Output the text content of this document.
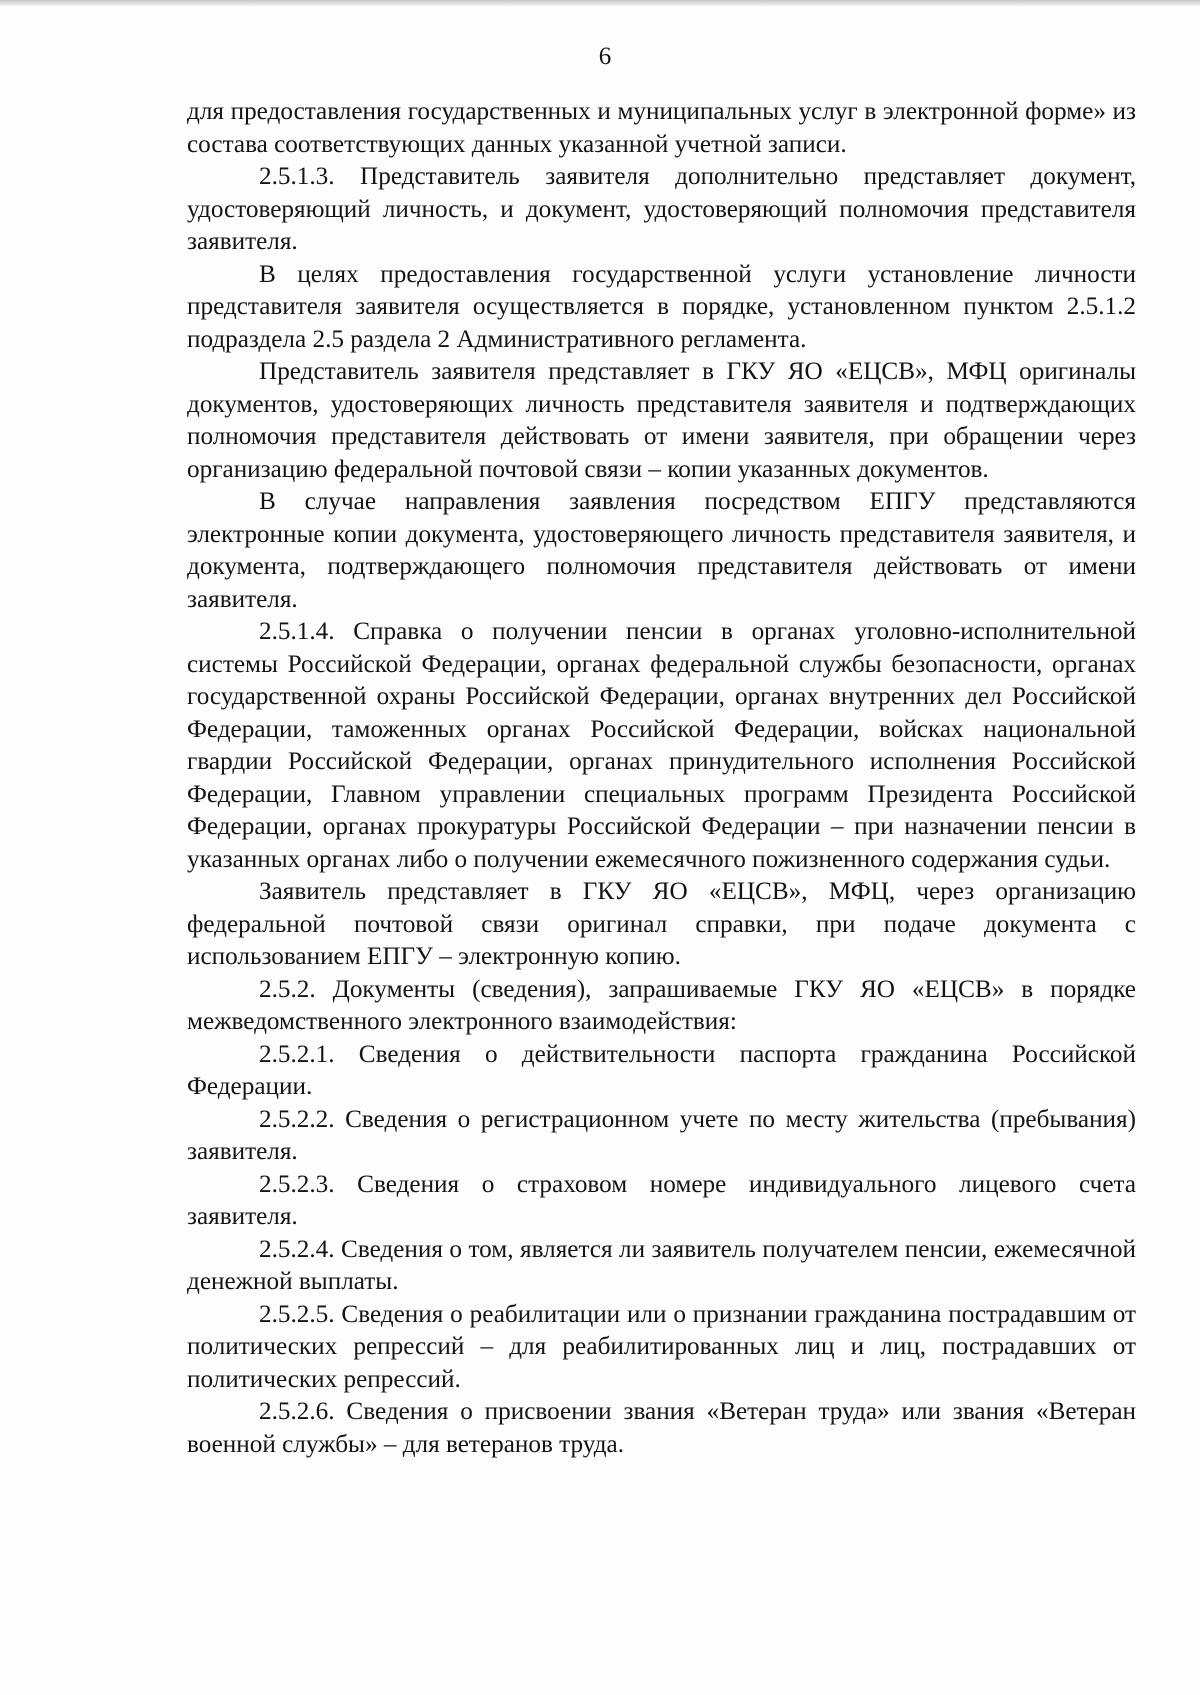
6

для предоставления государственных и муниципальных услуг в электронной форме» из состава соответствующих данных указанной учетной записи.

2.5.1.3. Представитель заявителя дополнительно представляет документ, удостоверяющий личность, и документ, удостоверяющий полномочия представителя заявителя.

В целях предоставления государственной услуги установление личности представителя заявителя осуществляется в порядке, установленном пунктом 2.5.1.2 подраздела 2.5 раздела 2 Административного регламента.

Представитель заявителя представляет в ГКУ ЯО «ЕЦСВ», МФЦ оригиналы документов, удостоверяющих личность представителя заявителя и подтверждающих полномочия представителя действовать от имени заявителя, при обращении через организацию федеральной почтовой связи – копии указанных документов.

В случае направления заявления посредством ЕПГУ представляются электронные копии документа, удостоверяющего личность представителя заявителя, и документа, подтверждающего полномочия представителя действовать от имени заявителя.

2.5.1.4. Справка о получении пенсии в органах уголовно-исполнительной системы Российской Федерации, органах федеральной службы безопасности, органах государственной охраны Российской Федерации, органах внутренних дел Российской Федерации, таможенных органах Российской Федерации, войсках национальной гвардии Российской Федерации, органах принудительного исполнения Российской Федерации, Главном управлении специальных программ Президента Российской Федерации, органах прокуратуры Российской Федерации – при назначении пенсии в указанных органах либо о получении ежемесячного пожизненного содержания судьи.

Заявитель представляет в ГКУ ЯО «ЕЦСВ», МФЦ, через организацию федеральной почтовой связи оригинал справки, при подаче документа с использованием ЕПГУ – электронную копию.

2.5.2. Документы (сведения), запрашиваемые ГКУ ЯО «ЕЦСВ» в порядке межведомственного электронного взаимодействия:

2.5.2.1. Сведения о действительности паспорта гражданина Российской Федерации.

2.5.2.2. Сведения о регистрационном учете по месту жительства (пребывания) заявителя.

2.5.2.3. Сведения о страховом номере индивидуального лицевого счета заявителя.

2.5.2.4. Сведения о том, является ли заявитель получателем пенсии, ежемесячной денежной выплаты.

2.5.2.5. Сведения о реабилитации или о признании гражданина пострадавшим от политических репрессий – для реабилитированных лиц и лиц, пострадавших от политических репрессий.

2.5.2.6. Сведения о присвоении звания «Ветеран труда» или звания «Ветеран военной службы» – для ветеранов труда.
